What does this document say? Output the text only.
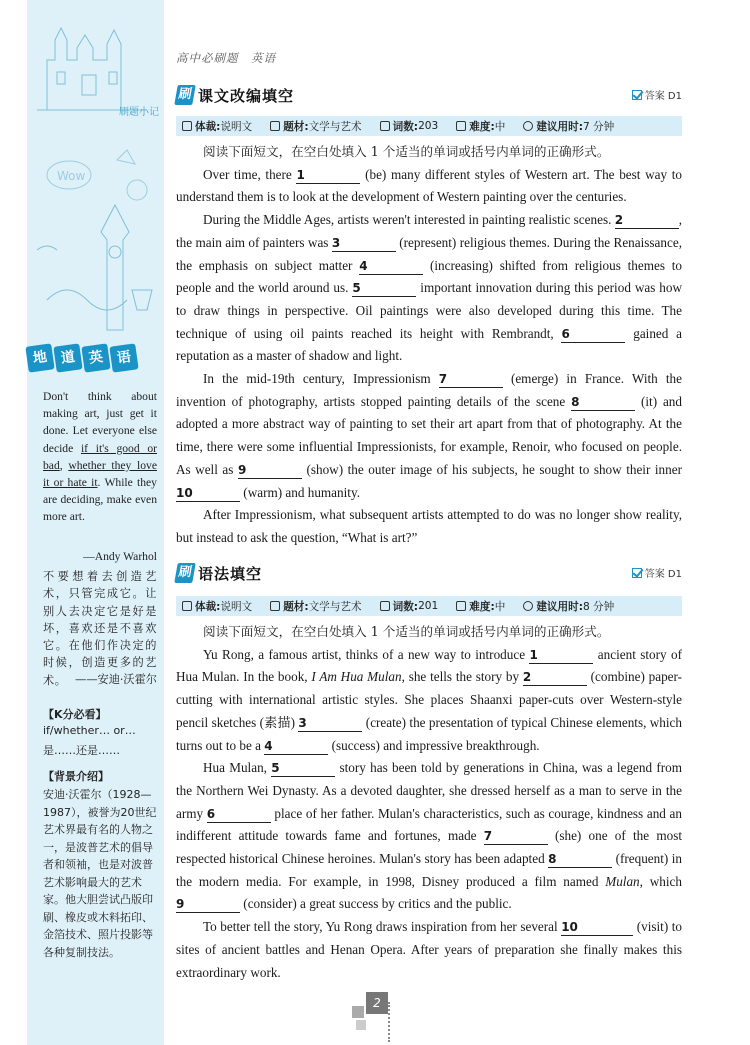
Wow
刷题小记
地 道 英 语
Don't think about making art, just get it done. Let everyone else decide if it's good or bad, whether they love it or hate it. While they are deciding, make even more art.
—Andy Warhol
不要想着去创造艺术，只管完成它。让别人去决定它是好是坏，喜欢还是不喜欢它。在他们作决定的时候，创造更多的艺术。 ——安迪·沃霍尔
【K分必看】
if/whether… or…
是……还是……
【背景介绍】
安迪·沃霍尔（1928—1987），被誉为20世纪艺术界最有名的人物之一，是波普艺术的倡导者和领袖，也是对波普艺术影响最大的艺术家。他大胆尝试凸版印刷、橡皮或木料拓印、金箔技术、照片投影等各种复制技法。
高中必刷题　英语
刷 课文改编填空	答案 D1
体裁: 说明文	题材: 文学与艺术	词数: 203	难度: 中	建议用时: 7 分钟

阅读下面短文，在空白处填入 1 个适当的单词或括号内单词的正确形式。

Over time, there 1	(be) many different styles of Western art. The best way to understand them is to look at the development of Western painting over the centuries.

During the Middle Ages, artists weren't interested in painting realistic scenes. 2	, the main aim of painters was 3	(represent) religious themes. During the Renaissance, the emphasis on subject matter 4	(increasing) shifted from religious themes to people and the world around us. 5	important innovation during this period was how to draw things in perspective. Oil paintings were also developed during this time. The technique of using oil paints reached its height with Rembrandt, 6	gained a reputation as a master of shadow and light.

In the mid-19th century, Impressionism 7	(emerge) in France. With the invention of photography, artists stopped painting details of the scene 8	(it) and adopted a more abstract way of painting to set their art apart from that of photography. At the time, there were some influential Impressionists, for example, Renoir, who focused on people. As well as 9	(show) the outer image of his subjects, he sought to show their inner 10	(warm) and humanity.

After Impressionism, what subsequent artists attempted to do was no longer show reality, but instead to ask the question, “What is art?”

刷 语法填空	答案 D1
体裁: 说明文	题材: 文学与艺术	词数: 201	难度: 中	建议用时: 8 分钟

阅读下面短文，在空白处填入 1 个适当的单词或括号内单词的正确形式。

Yu Rong, a famous artist, thinks of a new way to introduce 1	ancient story of Hua Mulan. In the book, I Am Hua Mulan, she tells the story by 2	(combine) paper-cutting with international artistic styles. She places Shaanxi paper-cuts over Western-style pencil sketches (素描) 3	(create) the presentation of typical Chinese elements, which turns out to be a 4	(success) and impressive breakthrough.

Hua Mulan, 5	story has been told by generations in China, was a legend from the Northern Wei Dynasty. As a devoted daughter, she dressed herself as a man to serve in the army 6	place of her father. Mulan's characteristics, such as courage, kindness and an indifferent attitude towards fame and fortunes, made 7	(she) one of the most respected historical Chinese heroines. Mulan's story has been adapted 8	(frequent) in the modern media. For example, in 1998, Disney produced a film named Mulan, which 9	(consider) a great success by critics and the public.

To better tell the story, Yu Rong draws inspiration from her several 10	(visit) to sites of ancient battles and Henan Opera. After years of preparation she finally makes this extraordinary work.

2
